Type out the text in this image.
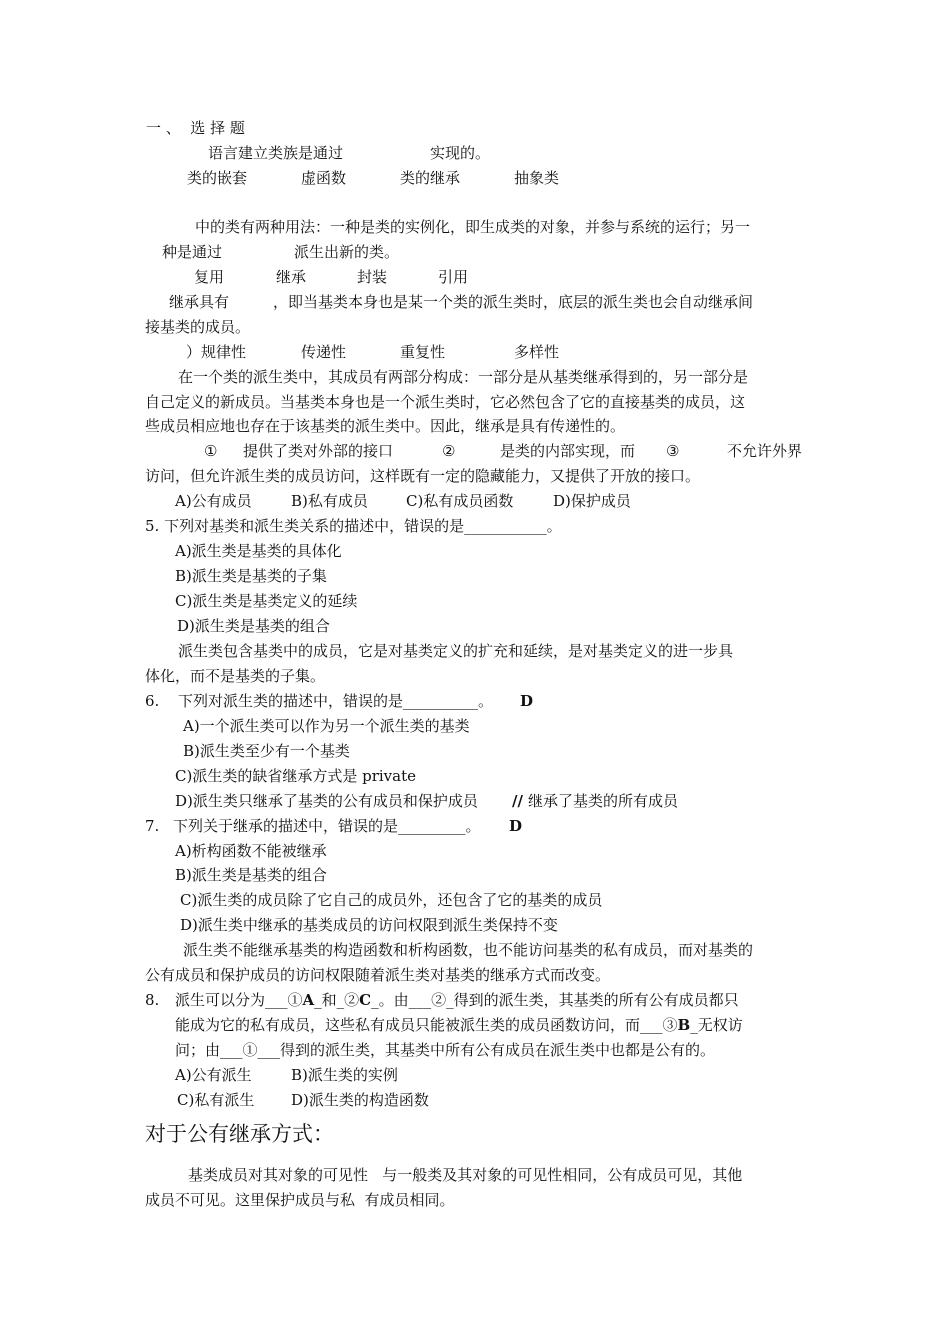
一 、  选 择 题
语言建立类族是通过	实现的。
类的嵌套	虚函数	类的继承	抽象类
中的类有两种用法：一种是类的实例化，即生成类的对象，并参与系统的运行；另一
种是通过	派生出新的类。
复用	继承	封装	引用
继承具有	，即当基类本身也是某一个类的派生类时，底层的派生类也会自动继承间
接基类的成员。
）规律性	传递性	重复性	多样性
在一个类的派生类中，其成员有两部分构成：一部分是从基类继承得到的，另一部分是
自己定义的新成员。当基类本身也是一个派生类时，它必然包含了它的直接基类的成员，这
些成员相应地也存在于该基类的派生类中。因此，继承是具有传递性的。
① 提供了类对外部的接口	②	是类的内部实现，而 ③	不允许外界
访问，但允许派生类的成员访问，这样既有一定的隐藏能力，又提供了开放的接口。
A)公有成员	B)私有成员	C)私有成员函数	D)保护成员
5. 下列对基类和派生类关系的描述中，错误的是___________。
A)派生类是基类的具体化
B)派生类是基类的子集
C)派生类是基类定义的延续
D)派生类是基类的组合
派生类包含基类中的成员，它是对基类定义的扩充和延续，是对基类定义的进一步具
体化，而不是基类的子集。
6. 下列对派生类的描述中，错误的是__________。 D
A)一个派生类可以作为另一个派生类的基类
B)派生类至少有一个基类
C)派生类的缺省继承方式是 private
D)派生类只继承了基类的公有成员和保护成员 // 继承了基类的所有成员
7. 下列关于继承的描述中，错误的是_________。 D
A)析构函数不能被继承
B)派生类是基类的组合
C)派生类的成员除了它自己的成员外，还包含了它的基类的成员
D)派生类中继承的基类成员的访问权限到派生类保持不变
派生类不能继承基类的构造函数和析构函数，也不能访问基类的私有成员，而对基类的
公有成员和保护成员的访问权限随着派生类对基类的继承方式而改变。
8. 派生可以分为___①A_和_②C_。由___②_得到的派生类，其基类的所有公有成员都只
能成为它的私有成员，这些私有成员只能被派生类的成员函数访问，而___③B_无权访
问；由___①___得到的派生类，其基类中所有公有成员在派生类中也都是公有的。
A)公有派生	B)派生类的实例
C)私有派生 D)派生类的构造函数
对于公有继承方式：
基类成员对其对象的可见性   与一般类及其对象的可见性相同，公有成员可见，其他
成员不可见。这里保护成员与私  有成员相同。
